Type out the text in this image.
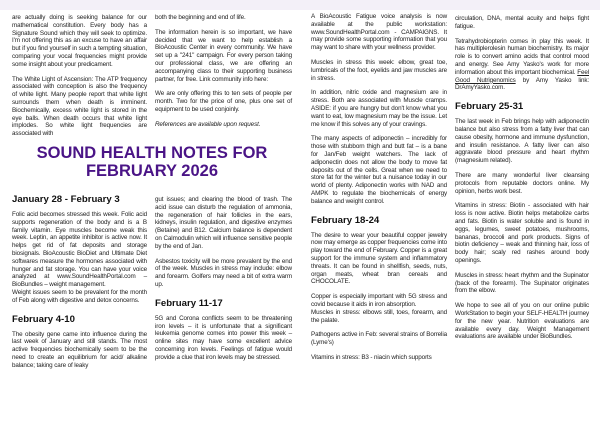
are actually doing is seeking balance for our mathematical constitution. Every body has a Signature Sound which they will seek to optimize. I'm not offering this as an excuse to have an affair but if you find yourself in such a tempting situation, comparing your vocal frequencies might provide some insight about your predicament.

The White Light of Ascension: The ATP frequency associated with conception is also the frequency of white light. Many people report that white light surrounds them when death is imminent. Biochemically, excess white light is stored in the eye balls. When death occurs that white light implodes. So white light frequencies are associated with

both the beginning and end of life.

The information herein is so important, we have decided that we want to help establish a BioAcoustic Center in every community. We have set up a "241" campaign. For every person taking our professional class, we are offering an accompanying class to their supporting business partner, for free. Link community info here:

We are only offering this to ten sets of people per month. Two for the price of one, plus one set of equipment to be used conjoinly.

References are available upon request.

SOUND HEALTH NOTES FOR
FEBRUARY 2026
January 28 - February 3

Folic acid becomes stressed this week. Folic acid supports regeneration of the body and is a B family vitamin. Eye muscles become weak this week. Leptin, an appetite inhibitor is active now. It helps get rid of fat deposits and storage biosignals. BioAcoustic BioDiet and Ultimate Diet softwares measure the hormones associated with hunger and fat storage. You can have your voice analyzed at www.SoundHealthPortal.com – BioBundles – weight management.

Weight issues seem to be prevalent for the month of Feb along with digestive and detox concerns.

February 4-10

The obesity gene came into influence during the last week of January and still stands. The most active frequencies biochemically seem to be the need to create an equilibrium for acid/ alkaline balance; taking care of leaky

gut issues; and clearing the blood of trash. The acid issue can disturb the regulation of ammonia, the regeneration of hair follicles in the ears, kidneys, insulin regulation, and digestive enzymes (Betaine) and B12. Calcium balance is dependent on Calmodulin which will influence sensitive people by the end of Jan.

Asbestos toxicity will be more prevalent by the end of the week. Muscles in stress may include: elbow and forearm. Golfers may need a bit of extra warm up.

February 11-17

5G and Corona conflicts seem to be threatening iron levels – it is unfortunate that a significant leukemia genome comes into power this week – online sites may have some excellent advice concerning iron levels. Feelings of fatigue would provide a clue that iron levels may be stressed.

A BioAcoustic Fatigue voice analysis is now available at the public workstation: www.SoundHealthPortal.com - CAMPAIGNS. It may provide some supporting information that you may want to share with your wellness provider.

Muscles in stress this week: elbow, great toe, lumbricals of the foot, eyelids and jaw muscles are in stress.

In addition, nitric oxide and magnesium are in stress. Both are associated with Muscle cramps. ASIDE: if you are hungry but don't know what you want to eat, low magnesium may be the issue. Let me know if this solves any of your cravings.

The many aspects of adiponectin – incredibly for those with stubborn thigh and butt fat – is a bane for Jan/Feb weight watchers. The lack of adiponectin does not allow the body to move fat deposits out of the cells. Great when we need to store fat for the winter but a nuisance today in our world of plenty. Adiponectin works with NAD and AMPK to regulate the biochemicals of energy balance and weight control.

February 18-24

The desire to wear your beautiful copper jewelry now may emerge as copper frequencies come into play toward the end of February. Copper is a great support for the immune system and inflammatory threats. It can be found in shellfish, seeds, nuts, organ meats, wheat bran cereals and CHOCOLATE.

Copper is especially important with 5G stress and covid because it aids in iron absorption.

Muscles in stress: elbows still, toes, forearm, and the palate.

Pathogens active in Feb: several strains of Borrelia (Lyme's)

Vitamins in stress: B3 - niacin which supports

circulation, DNA, mental acuity and helps fight fatigue.

Tetrahydrobiopterin comes in play this week. It has multiplerolesin human biochemistry. Its major role is to convert amino acids that control mood and energy. See Amy Yasko's work for more information about this important biochemical. Feel Good Nutrigenomics by Amy Yasko link: DrAmyYasko.com.

February 25-31

The last week in Feb brings help with adiponectin balance but also stress from a fatty liver that can cause obesity, hormone and immune dysfunction, and insulin resistance. A fatty liver can also aggravate blood pressure and heart rhythm (magnesium related).

There are many wonderful liver cleansing protocols from reputable doctors online. My opinion, herbs work best.

Vitamins in stress: Biotin - associated with hair loss is now active. Biotin helps metabolize carbs and fats. Biotin is water soluble and is found in eggs, legumes, sweet potatoes, mushrooms, bananas, broccoli and pork products. Signs of biotin deficiency – weak and thinning hair, loss of body hair; scaly red rashes around body openings.

Muscles in stress: heart rhythm and the Supinator (back of the forearm). The Supinator originates from the elbow.

We hope to see all of you on our online public WorkStation to begin your SELF-HEALTH journey for the new year. Nutrition evaluations are available every day. Weight Management evaluations are available under BioBundles.
